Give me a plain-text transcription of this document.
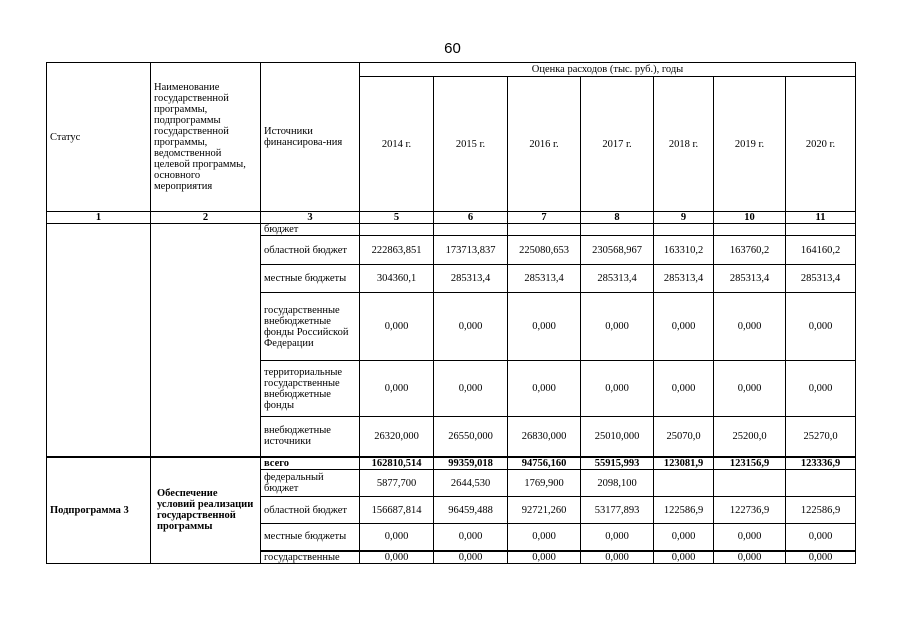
60
Статус	Наименование государственной программы, подпрограммы государственной программы, ведомственной целевой программы, основного мероприятия	Источники финансирова-ния	Оценка расходов (тыс. руб.), годы						
			2014 г.	2015 г.	2016 г.	2017 г.	2018 г.	2019 г.	2020 г.
1	2	3	5	6	7	8	9	10	11
		бюджет							
		областной бюджет	222863,851	173713,837	225080,653	230568,967	163310,2	163760,2	164160,2
		местные бюджеты	304360,1	285313,4	285313,4	285313,4	285313,4	285313,4	285313,4
		государственные внебюджетные фонды Российской Федерации	0,000	0,000	0,000	0,000	0,000	0,000	0,000
		территориальные государственные внебюджетные фонды	0,000	0,000	0,000	0,000	0,000	0,000	0,000
		внебюджетные источники	26320,000	26550,000	26830,000	25010,000	25070,0	25200,0	25270,0
Подпрограмма 3	Обеспечение условий реализации государственной программы	всего	162810,514	99359,018	94756,160	55915,993	123081,9	123156,9	123336,9
		федеральный бюджет	5877,700	2644,530	1769,900	2098,100			
		областной бюджет	156687,814	96459,488	92721,260	53177,893	122586,9	122736,9	122586,9
		местные бюджеты	0,000	0,000	0,000	0,000	0,000	0,000	0,000
		государственные	0,000	0,000	0,000	0,000	0,000	0,000	0,000
